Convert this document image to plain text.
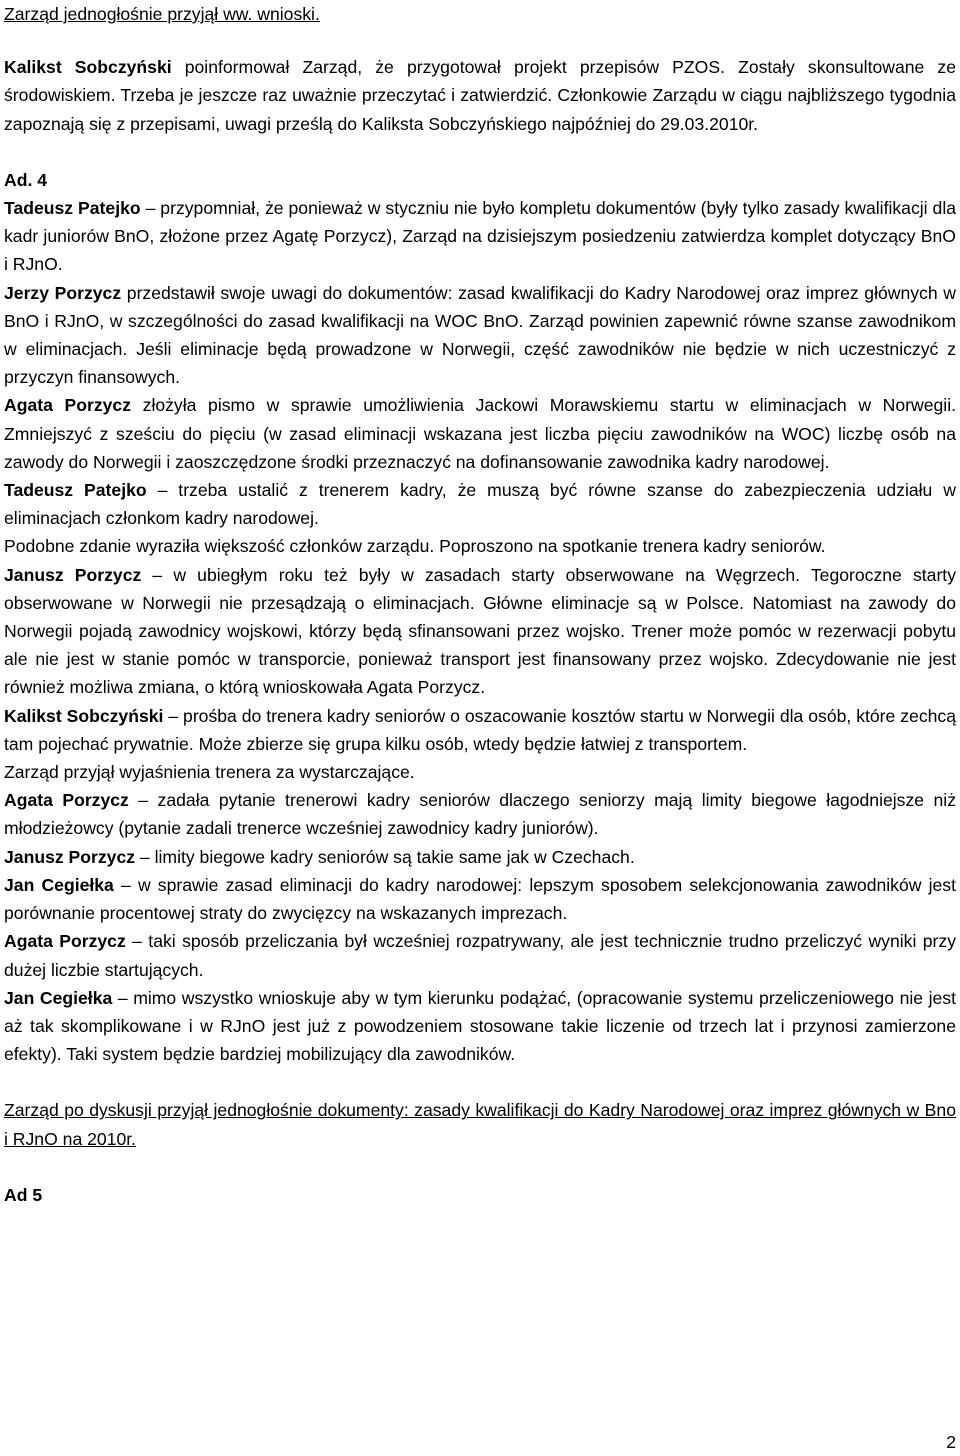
Zarząd jednogłośnie przyjął ww. wnioski.

Kalikst Sobczyński poinformował Zarząd, że przygotował projekt przepisów PZOS. Zostały skonsultowane ze środowiskiem. Trzeba je jeszcze raz uważnie przeczytać i zatwierdzić. Członkowie Zarządu w ciągu najbliższego tygodnia zapoznają się z przepisami, uwagi prześlą do Kaliksta Sobczyńskiego najpóźniej do 29.03.2010r.

Ad. 4

Tadeusz Patejko – przypomniał, że ponieważ w styczniu nie było kompletu dokumentów (były tylko zasady kwalifikacji dla kadr juniorów BnO, złożone przez Agatę Porzycz), Zarząd na dzisiejszym posiedzeniu zatwierdza komplet dotyczący BnO i RJnO.

Jerzy Porzycz przedstawił swoje uwagi do dokumentów: zasad kwalifikacji do Kadry Narodowej oraz imprez głównych w BnO i RJnO, w szczególności do zasad kwalifikacji na WOC BnO. Zarząd powinien zapewnić równe szanse zawodnikom w eliminacjach. Jeśli eliminacje będą prowadzone w Norwegii, część zawodników nie będzie w nich uczestniczyć z przyczyn finansowych.

Agata Porzycz złożyła pismo w sprawie umożliwienia Jackowi Morawskiemu startu w eliminacjach w Norwegii. Zmniejszyć z sześciu do pięciu (w zasad eliminacji wskazana jest liczba pięciu zawodników na WOC) liczbę osób na zawody do Norwegii i zaoszczędzone środki przeznaczyć na dofinansowanie zawodnika kadry narodowej.

Tadeusz Patejko – trzeba ustalić z trenerem kadry, że muszą być równe szanse do zabezpieczenia udziału w eliminacjach członkom kadry narodowej.

Podobne zdanie wyraziła większość członków zarządu. Poproszono na spotkanie trenera kadry seniorów.

Janusz Porzycz – w ubiegłym roku też były w zasadach starty obserwowane na Węgrzech. Tegoroczne starty obserwowane w Norwegii nie przesądzają o eliminacjach. Główne eliminacje są w Polsce. Natomiast na zawody do Norwegii pojadą zawodnicy wojskowi, którzy będą sfinansowani przez wojsko. Trener może pomóc w rezerwacji pobytu ale nie jest w stanie pomóc w transporcie, ponieważ transport jest finansowany przez wojsko. Zdecydowanie nie jest również możliwa zmiana, o którą wnioskowała Agata Porzycz.

Kalikst Sobczyński – prośba do trenera kadry seniorów o oszacowanie kosztów startu w Norwegii dla osób, które zechcą tam pojechać prywatnie. Może zbierze się grupa kilku osób, wtedy będzie łatwiej z transportem.

Zarząd przyjął wyjaśnienia trenera za wystarczające.

Agata Porzycz – zadała pytanie trenerowi kadry seniorów dlaczego seniorzy mają limity biegowe łagodniejsze niż młodzieżowcy (pytanie zadali trenerce wcześniej zawodnicy kadry juniorów).

Janusz Porzycz – limity biegowe kadry seniorów są takie same jak w Czechach.

Jan Cegiełka – w sprawie zasad eliminacji do kadry narodowej: lepszym sposobem selekcjonowania zawodników jest porównanie procentowej straty do zwycięzcy na wskazanych imprezach.

Agata Porzycz – taki sposób przeliczania był wcześniej rozpatrywany, ale jest technicznie trudno przeliczyć wyniki przy dużej liczbie startujących.

Jan Cegiełka – mimo wszystko wnioskuje aby w tym kierunku podążać, (opracowanie systemu przeliczeniowego nie jest aż tak skomplikowane i w RJnO jest już z powodzeniem stosowane takie liczenie od trzech lat i przynosi zamierzone efekty). Taki system będzie bardziej mobilizujący dla zawodników.

Zarząd po dyskusji przyjął jednogłośnie dokumenty: zasady kwalifikacji do Kadry Narodowej oraz imprez głównych w Bno i RJnO na 2010r.

Ad 5

2
